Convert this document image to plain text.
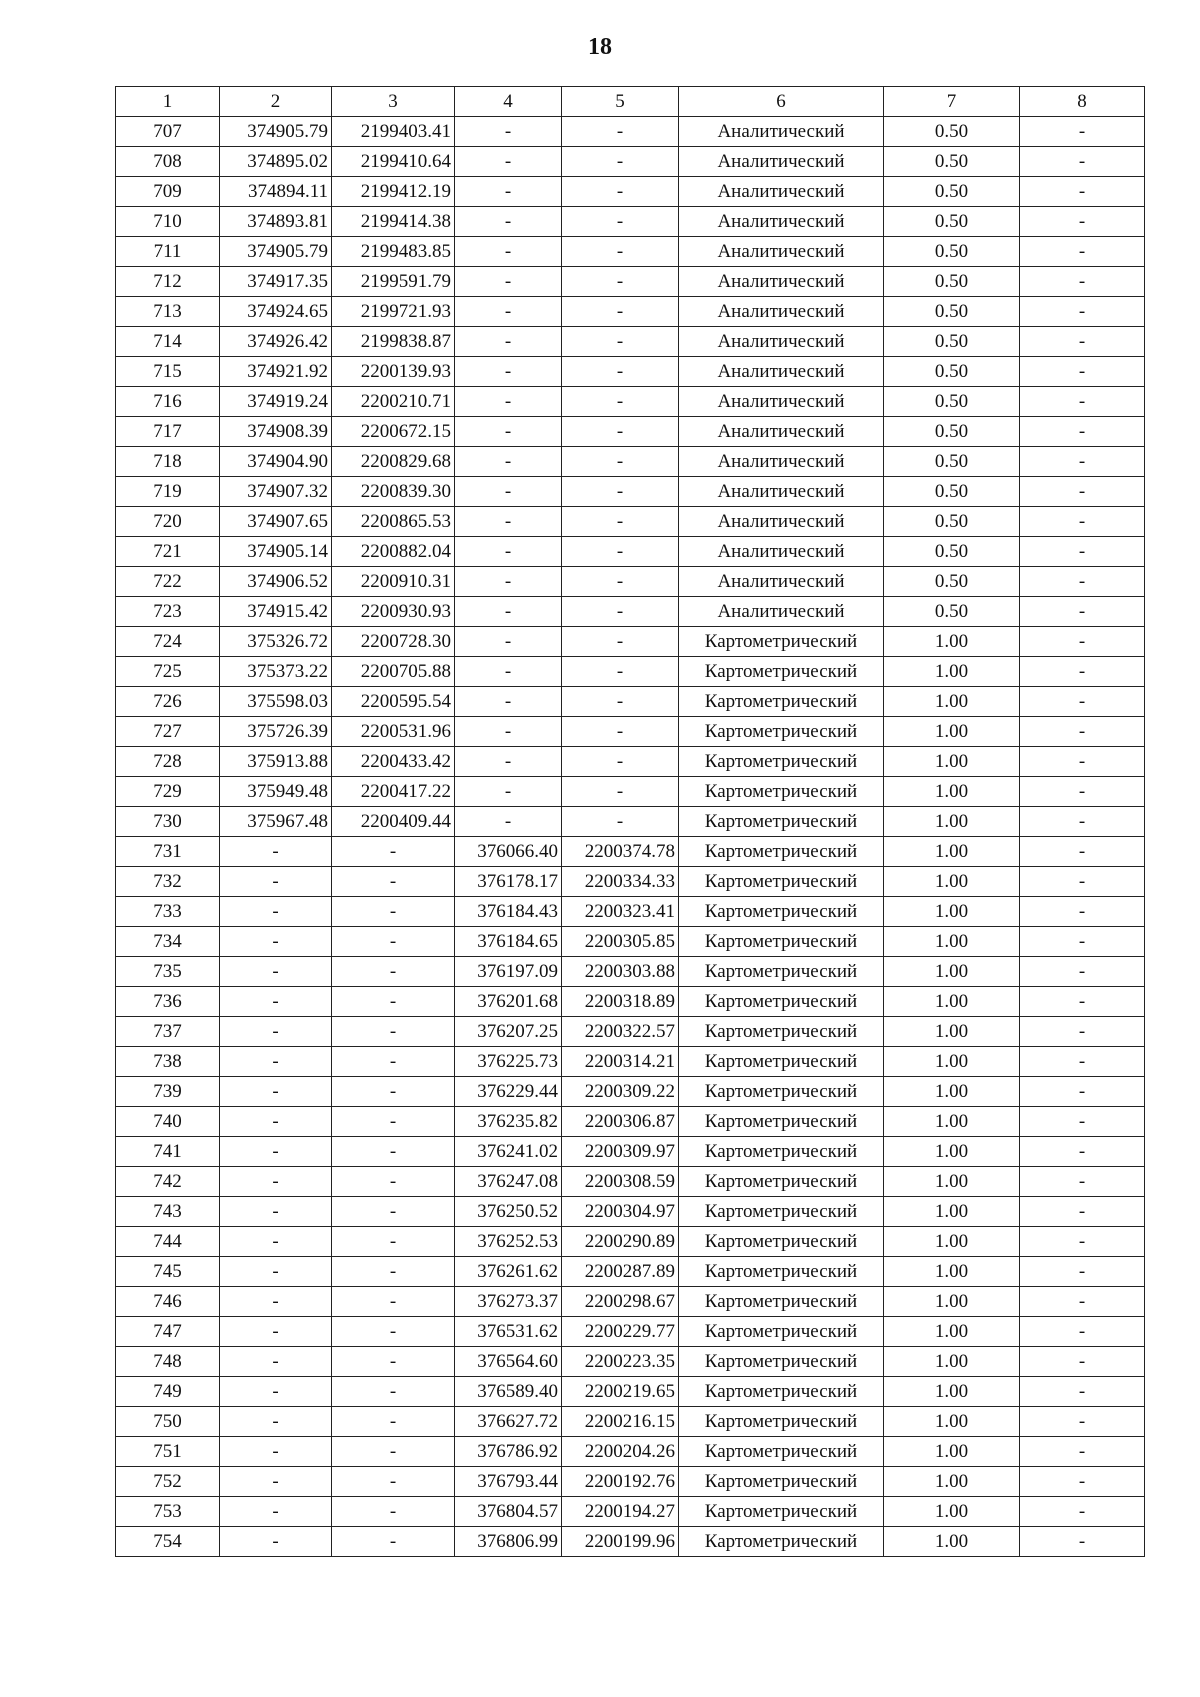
18
1	2	3	4	5	6	7	8
707	374905.79	2199403.41	-	-	Аналитический	0.50	-
708	374895.02	2199410.64	-	-	Аналитический	0.50	-
709	374894.11	2199412.19	-	-	Аналитический	0.50	-
710	374893.81	2199414.38	-	-	Аналитический	0.50	-
711	374905.79	2199483.85	-	-	Аналитический	0.50	-
712	374917.35	2199591.79	-	-	Аналитический	0.50	-
713	374924.65	2199721.93	-	-	Аналитический	0.50	-
714	374926.42	2199838.87	-	-	Аналитический	0.50	-
715	374921.92	2200139.93	-	-	Аналитический	0.50	-
716	374919.24	2200210.71	-	-	Аналитический	0.50	-
717	374908.39	2200672.15	-	-	Аналитический	0.50	-
718	374904.90	2200829.68	-	-	Аналитический	0.50	-
719	374907.32	2200839.30	-	-	Аналитический	0.50	-
720	374907.65	2200865.53	-	-	Аналитический	0.50	-
721	374905.14	2200882.04	-	-	Аналитический	0.50	-
722	374906.52	2200910.31	-	-	Аналитический	0.50	-
723	374915.42	2200930.93	-	-	Аналитический	0.50	-
724	375326.72	2200728.30	-	-	Картометрический	1.00	-
725	375373.22	2200705.88	-	-	Картометрический	1.00	-
726	375598.03	2200595.54	-	-	Картометрический	1.00	-
727	375726.39	2200531.96	-	-	Картометрический	1.00	-
728	375913.88	2200433.42	-	-	Картометрический	1.00	-
729	375949.48	2200417.22	-	-	Картометрический	1.00	-
730	375967.48	2200409.44	-	-	Картометрический	1.00	-
731	-	-	376066.40	2200374.78	Картометрический	1.00	-
732	-	-	376178.17	2200334.33	Картометрический	1.00	-
733	-	-	376184.43	2200323.41	Картометрический	1.00	-
734	-	-	376184.65	2200305.85	Картометрический	1.00	-
735	-	-	376197.09	2200303.88	Картометрический	1.00	-
736	-	-	376201.68	2200318.89	Картометрический	1.00	-
737	-	-	376207.25	2200322.57	Картометрический	1.00	-
738	-	-	376225.73	2200314.21	Картометрический	1.00	-
739	-	-	376229.44	2200309.22	Картометрический	1.00	-
740	-	-	376235.82	2200306.87	Картометрический	1.00	-
741	-	-	376241.02	2200309.97	Картометрический	1.00	-
742	-	-	376247.08	2200308.59	Картометрический	1.00	-
743	-	-	376250.52	2200304.97	Картометрический	1.00	-
744	-	-	376252.53	2200290.89	Картометрический	1.00	-
745	-	-	376261.62	2200287.89	Картометрический	1.00	-
746	-	-	376273.37	2200298.67	Картометрический	1.00	-
747	-	-	376531.62	2200229.77	Картометрический	1.00	-
748	-	-	376564.60	2200223.35	Картометрический	1.00	-
749	-	-	376589.40	2200219.65	Картометрический	1.00	-
750	-	-	376627.72	2200216.15	Картометрический	1.00	-
751	-	-	376786.92	2200204.26	Картометрический	1.00	-
752	-	-	376793.44	2200192.76	Картометрический	1.00	-
753	-	-	376804.57	2200194.27	Картометрический	1.00	-
754	-	-	376806.99	2200199.96	Картометрический	1.00	-
